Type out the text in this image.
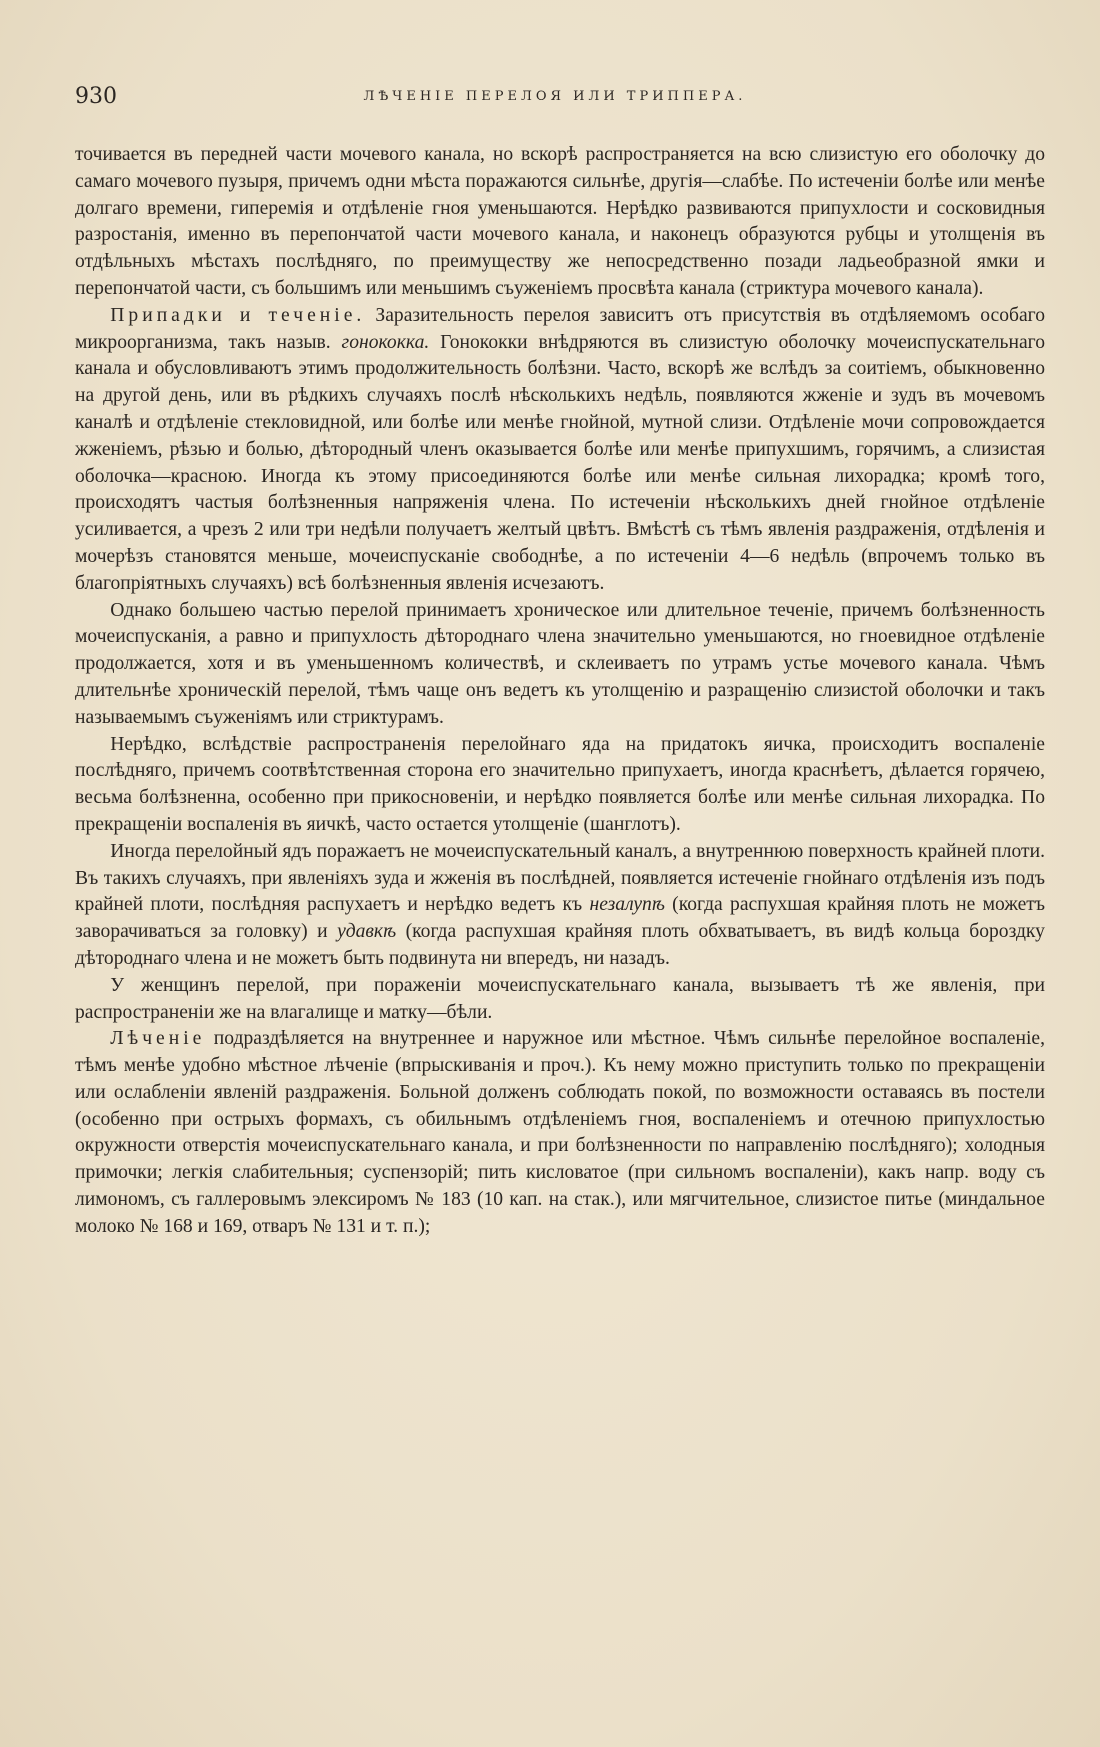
930	ЛѢЧЕНІЕ ПЕРЕЛОЯ ИЛИ ТРИППЕРА.

точивается въ передней части мочевого канала, но вскорѣ распространяется на всю слизистую его оболочку до самаго мочевого пузыря, причемъ одни мѣста поражаются сильнѣе, другія—слабѣе. По истеченіи болѣе или менѣе долгаго времени, гиперемія и отдѣленіе гноя уменьшаются. Нерѣдко развиваются припухлости и сосковидныя разростанія, именно въ перепончатой части мочевого канала, и наконецъ образуются рубцы и утолщенія въ отдѣльныхъ мѣстахъ послѣдняго, по преимуществу же непосредственно позади ладьеобразной ямки и перепончатой части, съ большимъ или меньшимъ съуженіемъ просвѣта канала (стриктура мочевого канала).

Припадки и теченіе. Заразительность перелоя зависитъ отъ присутствія въ отдѣляемомъ особаго микроорганизма, такъ назыв. гонококка. Гонококки внѣдряются въ слизистую оболочку мочеиспускательнаго канала и обусловливаютъ этимъ продолжительность болѣзни. Часто, вскорѣ же вслѣдъ за соитіемъ, обыкновенно на другой день, или въ рѣдкихъ случаяхъ послѣ нѣсколькихъ недѣль, появляются жженіе и зудъ въ мочевомъ каналѣ и отдѣленіе стекловидной, или болѣе или менѣе гнойной, мутной слизи. Отдѣленіе мочи сопровождается жженіемъ, рѣзью и болью, дѣтородный членъ оказывается болѣе или менѣе припухшимъ, горячимъ, а слизистая оболочка—красною. Иногда къ этому присоединяются болѣе или менѣе сильная лихорадка; кромѣ того, происходятъ частыя болѣзненныя напряженія члена. По истеченіи нѣсколькихъ дней гнойное отдѣленіе усиливается, а чрезъ 2 или три недѣли получаетъ желтый цвѣтъ. Вмѣстѣ съ тѣмъ явленія раздраженія, отдѣленія и мочерѣзъ становятся меньше, мочеиспусканіе свободнѣе, а по истеченіи 4—6 недѣль (впрочемъ только въ благопріятныхъ случаяхъ) всѣ болѣзненныя явленія исчезаютъ.

Однако большею частью перелой принимаетъ хроническое или длительное теченіе, причемъ болѣзненность мочеиспусканія, а равно и припухлость дѣтороднаго члена значительно уменьшаются, но гноевидное отдѣленіе продолжается, хотя и въ уменьшенномъ количествѣ, и склеиваетъ по утрамъ устье мочевого канала. Чѣмъ длительнѣе хроническій перелой, тѣмъ чаще онъ ведетъ къ утолщенію и разращенію слизистой оболочки и такъ называемымъ съуженіямъ или стриктурамъ.

Нерѣдко, вслѣдствіе распространенія перелойнаго яда на придатокъ яичка, происходитъ воспаленіе послѣдняго, причемъ соотвѣтственная сторона его значительно припухаетъ, иногда краснѣетъ, дѣлается горячею, весьма болѣзненна, особенно при прикосновеніи, и нерѣдко появляется болѣе или менѣе сильная лихорадка. По прекращеніи воспаленія въ яичкѣ, часто остается утолщеніе (шанглотъ).

Иногда перелойный ядъ поражаетъ не мочеиспускательный каналъ, а внутреннюю поверхность крайней плоти. Въ такихъ случаяхъ, при явленіяхъ зуда и жженія въ послѣдней, появляется истеченіе гнойнаго отдѣленія изъ подъ крайней плоти, послѣдняя распухаетъ и нерѣдко ведетъ къ незалупѣ (когда распухшая крайняя плоть не можетъ заворачиваться за головку) и удавкѣ (когда распухшая крайняя плоть обхватываетъ, въ видѣ кольца бороздку дѣтороднаго члена и не можетъ быть подвинута ни впередъ, ни назадъ.

У женщинъ перелой, при пораженіи мочеиспускательнаго канала, вызываетъ тѣ же явленія, при распространеніи же на влагалище и матку—бѣли.

Лѣченіе подраздѣляется на внутреннее и наружное или мѣстное. Чѣмъ сильнѣе перелойное воспаленіе, тѣмъ менѣе удобно мѣстное лѣченіе (впрыскиванія и проч.). Къ нему можно приступить только по прекращеніи или ослабленіи явленій раздраженія. Больной долженъ соблюдать покой, по возможности оставаясь въ постели (особенно при острыхъ формахъ, съ обильнымъ отдѣленіемъ гноя, воспаленіемъ и отечною припухлостью окружности отверстія мочеиспускательнаго канала, и при болѣзненности по направленію послѣдняго); холодныя примочки; легкія слабительныя; суспензорій; пить кисловатое (при сильномъ воспаленіи), какъ напр. воду съ лимономъ, съ галлеровымъ элексиромъ № 183 (10 кап. на стак.), или мягчительное, слизистое питье (миндальное молоко № 168 и 169, отваръ № 131 и т. п.);
